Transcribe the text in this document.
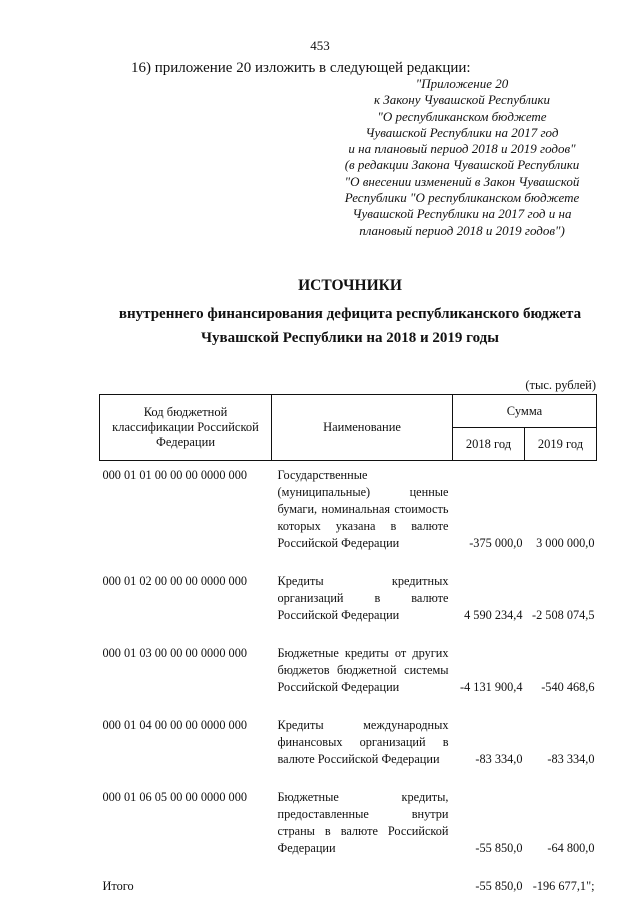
453
16) приложение 20 изложить в следующей редакции:
"Приложение 20
к Закону Чувашской Республики
"О республиканском бюджете
Чувашской Республики на 2017 год
и на плановый период 2018 и 2019 годов"
(в редакции Закона Чувашской Республики
"О внесении изменений в Закон Чувашской
Республики "О республиканском бюджете
Чувашской Республики на 2017 год и на
плановый период 2018 и 2019 годов")
ИСТОЧНИКИ
внутреннего финансирования дефицита республиканского бюджета
Чувашской Республики на 2018 и 2019 годы
(тыс. рублей)
Код бюджетной классификации Российской Федерации	Наименование	Сумма	
		2018 год	2019 год
000 01 01 00 00 00 0000 000	Государственные (муниципальные) ценные бумаги, номинальная стоимость которых указана в валюте Российской Федерации	-375 000,0	3 000 000,0
000 01 02 00 00 00 0000 000	Кредиты кредитных организаций в валюте Российской Федерации	4 590 234,4	-2 508 074,5
000 01 03 00 00 00 0000 000	Бюджетные кредиты от других бюджетов бюджетной системы Российской Федерации	-4 131 900,4	-540 468,6
000 01 04 00 00 00 0000 000	Кредиты международных финансовых организаций в валюте Российской Федерации	-83 334,0	-83 334,0
000 01 06 05 00 00 0000 000	Бюджетные кредиты, предоставленные внутри страны в валюте Российской Федерации	-55 850,0	-64 800,0
Итого		-55 850,0	-196 677,1";
